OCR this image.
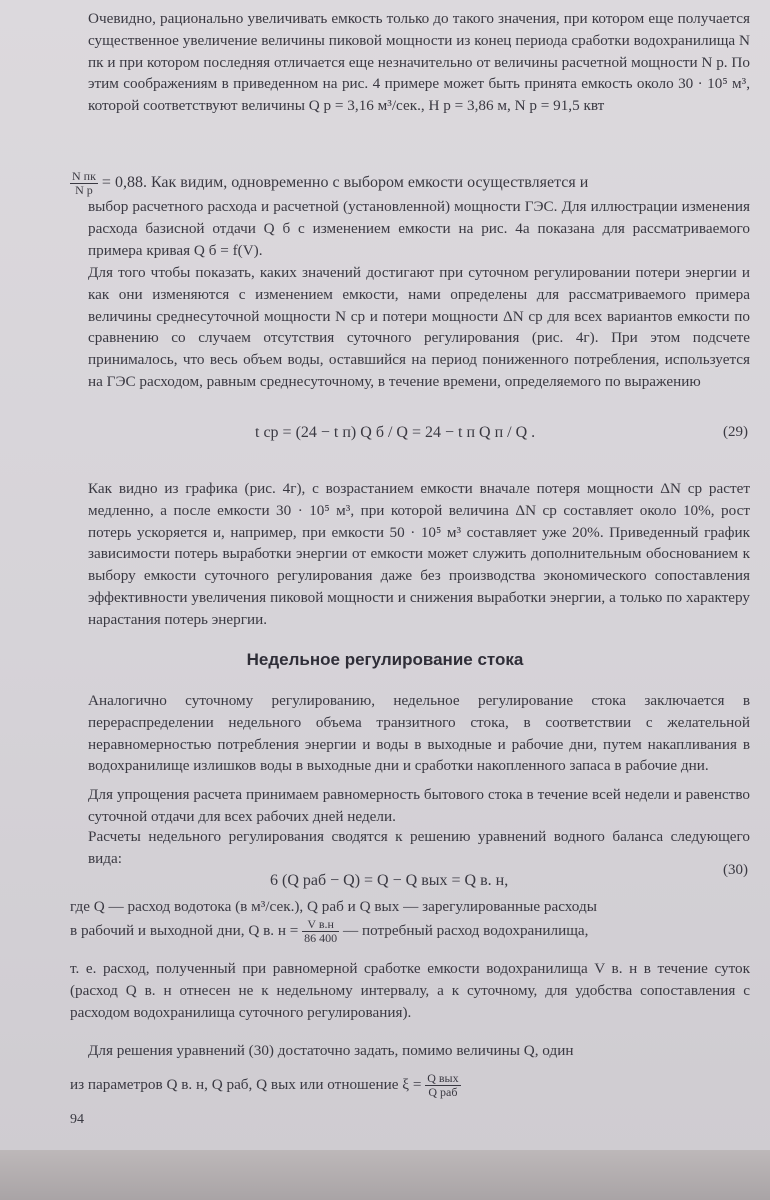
Очевидно, рационально увеличивать емкость только до такого значения, при котором еще получается существенное увеличение величины пиковой мощности из конец периода сработки водохранилища N пк и при котором последняя отличается еще незначительно от величины расчетной мощности N р. По этим соображениям в приведенном на рис. 4 примере может быть принята емкость около 30 · 10⁵ м³, которой соответствуют величины Q р = 3,16 м³/сек., H р = 3,86 м, N р = 91,5 квт

$\frac{\text{N пк}}{\text{N р}} = 0,88$. Как видим, одновременно с выбором емкости осуществляется и

выбор расчетного расхода и расчетной (установленной) мощности ГЭС. Для иллюстрации изменения расхода базисной отдачи Q б с изменением емкости на рис. 4а показана для рассматриваемого примера кривая Q б = f(V).

Для того чтобы показать, каких значений достигают при суточном регулировании потери энергии и как они изменяются с изменением емкости, нами определены для рассматриваемого примера величины среднесуточной мощности N ср и потери мощности ΔN ср для всех вариантов емкости по сравнению со случаем отсутствия суточного регулирования (рис. 4г). При этом подсчете принималось, что весь объем воды, оставшийся на период пониженного потребления, используется на ГЭС расходом, равным среднесуточному, в течение времени, определяемого по выражению

t ср = (24 − t п) Q б / Q = 24 − t п Q п / Q .	(29)

Как видно из графика (рис. 4г), с возрастанием емкости вначале потеря мощности ΔN ср растет медленно, а после емкости 30 · 10⁵ м³, при которой величина ΔN ср составляет около 10%, рост потерь ускоряется и, например, при емкости 50 · 10⁵ м³ составляет уже 20%. Приведенный график зависимости потерь выработки энергии от емкости может служить дополнительным обоснованием к выбору емкости суточного регулирования даже без производства экономического сопоставления эффективности увеличения пиковой мощности и снижения выработки энергии, а только по характеру нарастания потерь энергии.

Недельное регулирование стока

Аналогично суточному регулированию, недельное регулирование стока заключается в перераспределении недельного объема транзитного стока, в соответствии с желательной неравномерностью потребления энергии и воды в выходные и рабочие дни, путем накапливания в водохранилище излишков воды в выходные дни и сработки накопленного запаса в рабочие дни.

Для упрощения расчета принимаем равномерность бытового стока в течение всей недели и равенство суточной отдачи для всех рабочих дней недели.

Расчеты недельного регулирования сводятся к решению уравнений водного баланса следующего вида:

6 (Q раб − Q) = Q − Q вых = Q в. н,
(30)

где Q — расход водотока (в м³/сек.), Q раб и Q вых — зарегулированные расходы

в рабочий и выходной дни, Q в. $н = \frac{\text{V в.н}}{86 400}$ — потребный расход водохранилища,

т. е. расход, полученный при равномерной сработке емкости водохранилища V в. н в течение суток (расход Q в. н отнесен не к недельному интервалу, а к суточному, для удобства сопоставления с расходом водохранилища суточного регулирования).

Для решения уравнений (30) достаточно задать, помимо величины Q, один

из параметров Q в. н, Q раб, Q вых или отношение $\xi = \frac{\text{Q вых}}{\text{Q раб}}$
94
